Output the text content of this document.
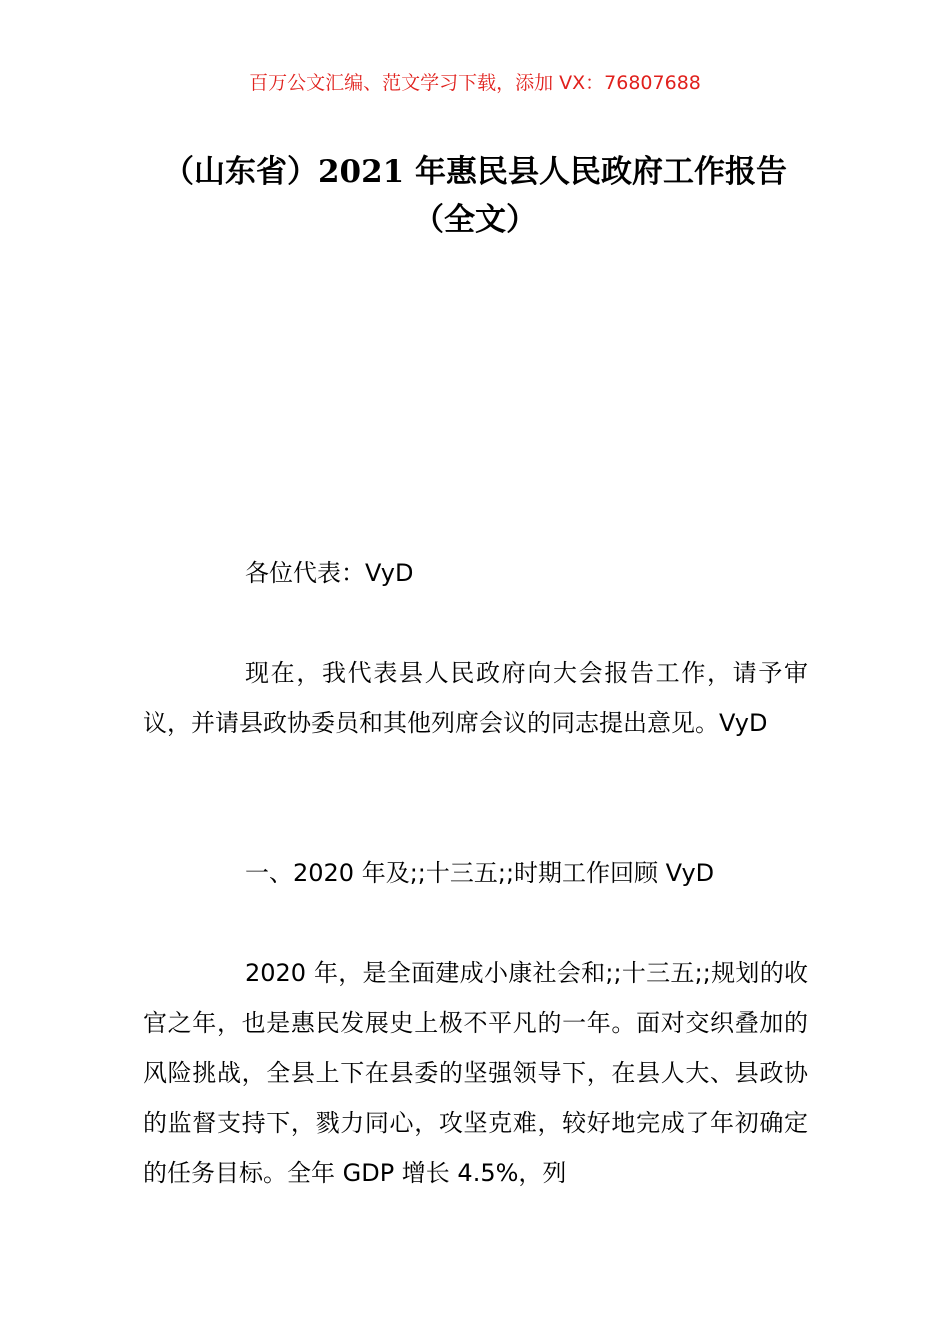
百万公文汇编、范文学习下载，添加 VX：76807688
（山东省）2021 年惠民县人民政府工作报告（全文）

各位代表：VyD

现在，我代表县人民政府向大会报告工作，请予审议，并请县政协委员和其他列席会议的同志提出意见。VyD

一、2020 年及;;十三五;;时期工作回顾 VyD

2020 年，是全面建成小康社会和;;十三五;;规划的收官之年，也是惠民发展史上极不平凡的一年。面对交织叠加的风险挑战，全县上下在县委的坚强领导下，在县人大、县政协的监督支持下，戮力同心，攻坚克难，较好地完成了年初确定的任务目标。全年 GDP 增长 4.5%，列
